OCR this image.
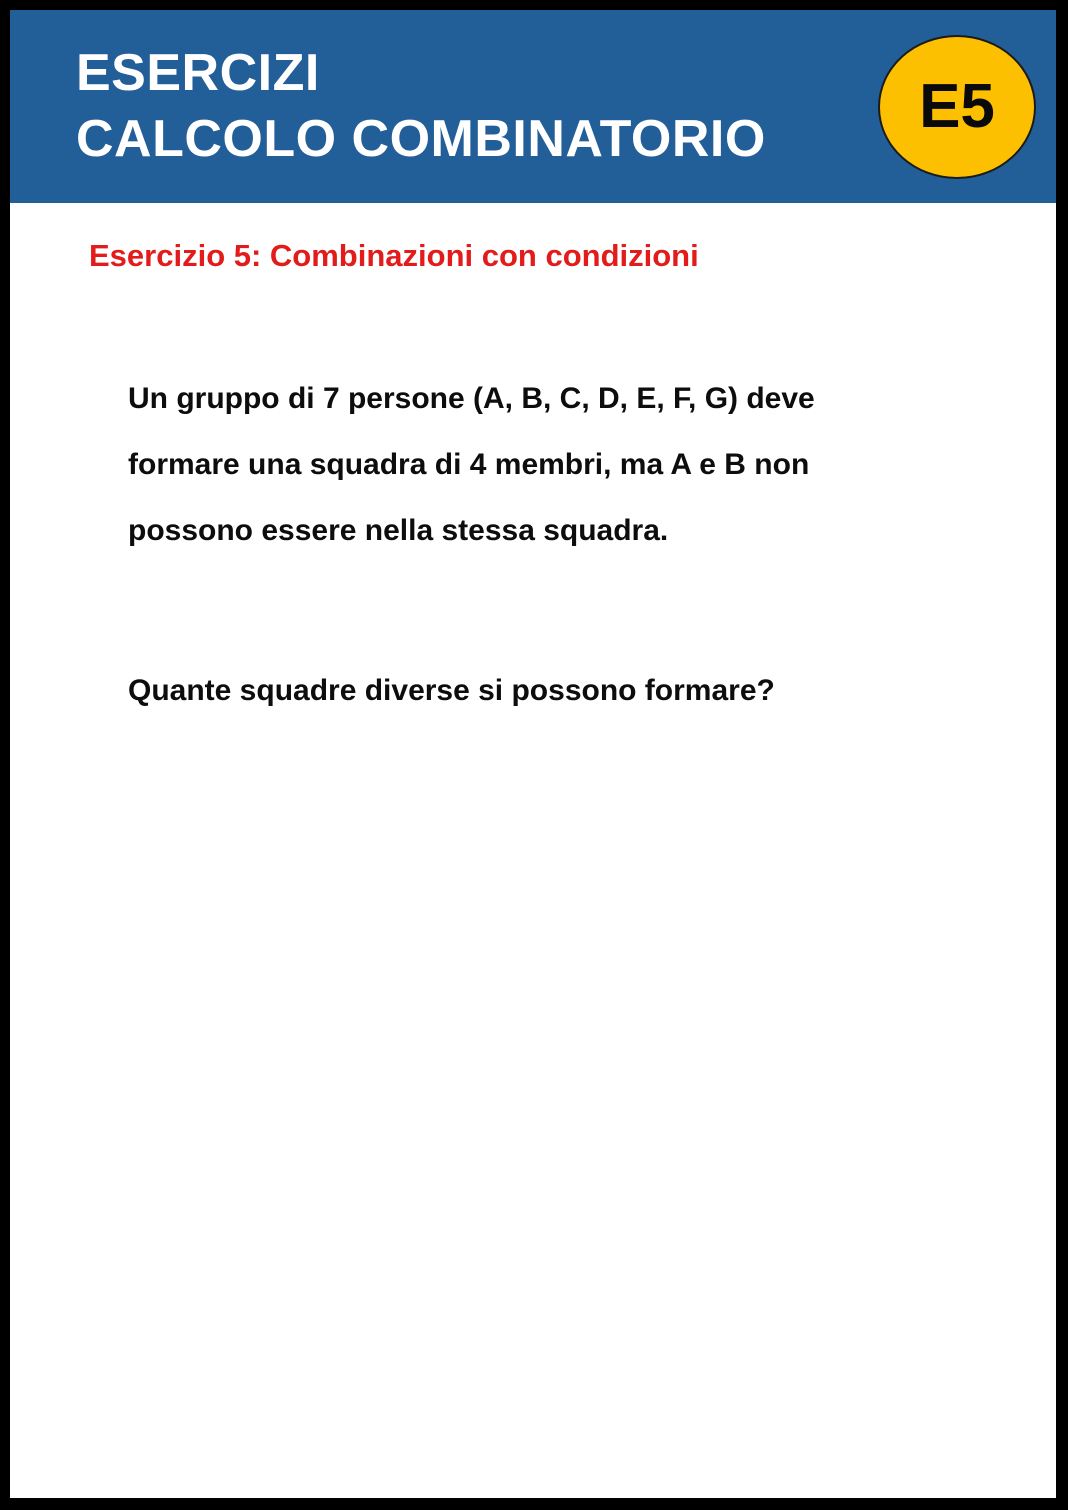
ESERCIZI
CALCOLO COMBINATORIO E5
Esercizio 5: Combinazioni con condizioni

Un gruppo di 7 persone (A, B, C, D, E, F, G) deve
formare una squadra di 4 membri, ma A e B non
possono essere nella stessa squadra.

Quante squadre diverse si possono formare?
